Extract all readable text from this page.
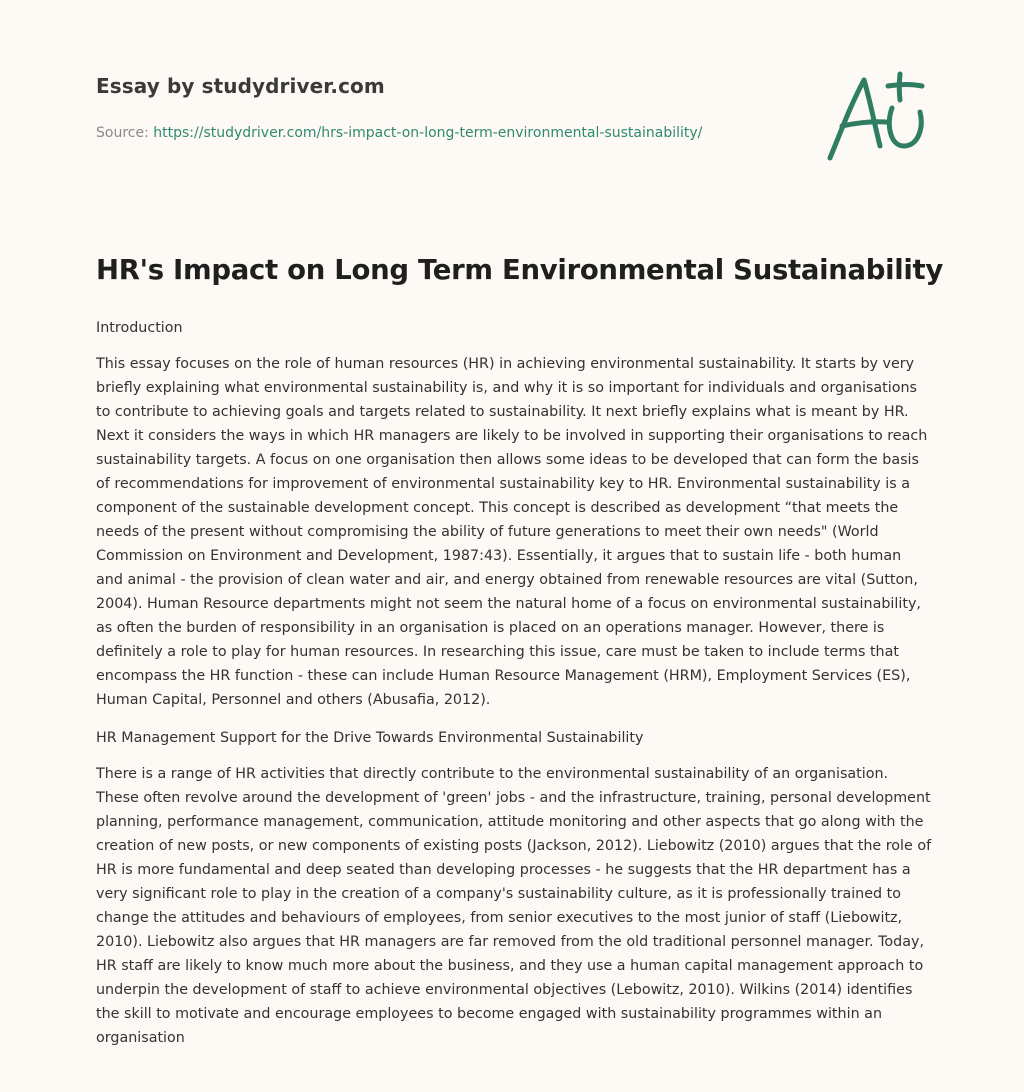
Essay by studydriver.com
Source: https://studydriver.com/hrs-impact-on-long-term-environmental-sustainability/
HR's Impact on Long Term Environmental Sustainability

Introduction

This essay focuses on the role of human resources (HR) in achieving environmental sustainability. It starts by very briefly explaining what environmental sustainability is, and why it is so important for individuals and organisations to contribute to achieving goals and targets related to sustainability. It next briefly explains what is meant by HR. Next it considers the ways in which HR managers are likely to be involved in supporting their organisations to reach sustainability targets. A focus on one organisation then allows some ideas to be developed that can form the basis of recommendations for improvement of environmental sustainability key to HR. Environmental sustainability is a component of the sustainable development concept. This concept is described as development “that meets the needs of the present without compromising the ability of future generations to meet their own needs" (World Commission on Environment and Development, 1987:43). Essentially, it argues that to sustain life - both human and animal - the provision of clean water and air, and energy obtained from renewable resources are vital (Sutton, 2004). Human Resource departments might not seem the natural home of a focus on environmental sustainability, as often the burden of responsibility in an organisation is placed on an operations manager. However, there is definitely a role to play for human resources. In researching this issue, care must be taken to include terms that encompass the HR function - these can include Human Resource Management (HRM), Employment Services (ES), Human Capital, Personnel and others (Abusafia, 2012).

HR Management Support for the Drive Towards Environmental Sustainability

There is a range of HR activities that directly contribute to the environmental sustainability of an organisation. These often revolve around the development of 'green' jobs - and the infrastructure, training, personal development planning, performance management, communication, attitude monitoring and other aspects that go along with the creation of new posts, or new components of existing posts (Jackson, 2012). Liebowitz (2010) argues that the role of HR is more fundamental and deep seated than developing processes - he suggests that the HR department has a very significant role to play in the creation of a company's sustainability culture, as it is professionally trained to change the attitudes and behaviours of employees, from senior executives to the most junior of staff (Liebowitz, 2010). Liebowitz also argues that HR managers are far removed from the old traditional personnel manager. Today, HR staff are likely to know much more about the business, and they use a human capital management approach to underpin the development of staff to achieve environmental objectives (Lebowitz, 2010). Wilkins (2014) identifies the skill to motivate and encourage employees to become engaged with sustainability programmes within an organisation
